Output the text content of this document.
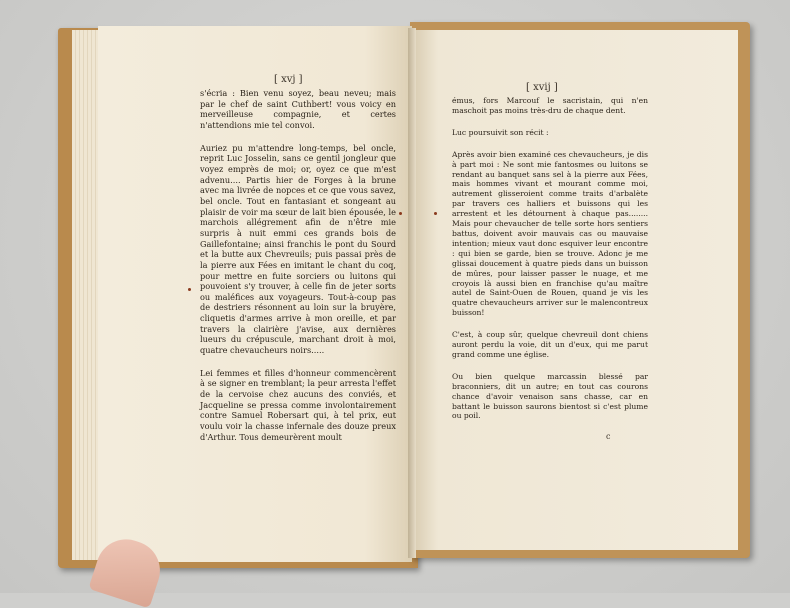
[ xvj ]

s'écria : Bien venu soyez, beau neveu; mais par le chef de saint Cuthbert! vous voicy en merveilleuse compagnie, et certes n'attendions mie tel convoi.

Auriez pu m'attendre long-temps, bel oncle, reprit Luc Josselin, sans ce gentil jongleur que voyez emprès de moi; or, oyez ce que m'est advenu.... Partis hier de Forges à la brune avec ma livrée de nopces et ce que vous savez, bel oncle. Tout en fantasiant et songeant au plaisir de voir ma sœur de lait bien épousée, le marchois allégrement afin de n'être mie surpris à nuit emmi ces grands bois de Gaillefontaine; ainsi franchis le pont du Sourd et la butte aux Chevreuils; puis passai près de la pierre aux Fées en imitant le chant du coq, pour mettre en fuite sorciers ou luitons qui pouvoient s'y trouver, à celle fin de jeter sorts ou maléfices aux voyageurs. Tout-à-coup pas de destriers résonnent au loin sur la bruyère, cliquetis d'armes arrive à mon oreille, et par travers la clairière j'avise, aux dernières lueurs du crépuscule, marchant droit à moi, quatre chevaucheurs noirs.....

Lei femmes et filles d'honneur commencèrent à se signer en tremblant; la peur arresta l'effet de la cervoise chez aucuns des conviés, et Jacqueline se pressa comme involontairement contre Samuel Robersart qui, à tel prix, eut voulu voir la chasse infernale des douze preux d'Arthur. Tous demeurèrent moult

[ xvij ]

émus, fors Marcouf le sacristain, qui n'en maschoit pas moins très-dru de chaque dent.

Luc poursuivit son récit :

Après avoir bien examiné ces chevaucheurs, je dis à part moi : Ne sont mie fantosmes ou luitons se rendant au banquet sans sel à la pierre aux Fées, mais hommes vivant et mourant comme moi, autrement glisseroient comme traits d'arbalète par travers ces halliers et buissons qui les arrestent et les détournent à chaque pas........ Mais pour chevaucher de telle sorte hors sentiers battus, doivent avoir mauvais cas ou mauvaise intention; mieux vaut donc esquiver leur encontre : qui bien se garde, bien se trouve. Adonc je me glissai doucement à quatre pieds dans un buisson de mûres, pour laisser passer le nuage, et me croyois là aussi bien en franchise qu'au maître autel de Saint-Ouen de Rouen, quand je vis les quatre chevaucheurs arriver sur le malencontreux buisson!

C'est, à coup sûr, quelque chevreuil dont chiens auront perdu la voie, dit un d'eux, qui me parut grand comme une église.

Ou bien quelque marcassin blessé par braconniers, dit un autre; en tout cas courons chance d'avoir venaison sans chasse, car en battant le buisson saurons bientost si c'est plume ou poil.

c
